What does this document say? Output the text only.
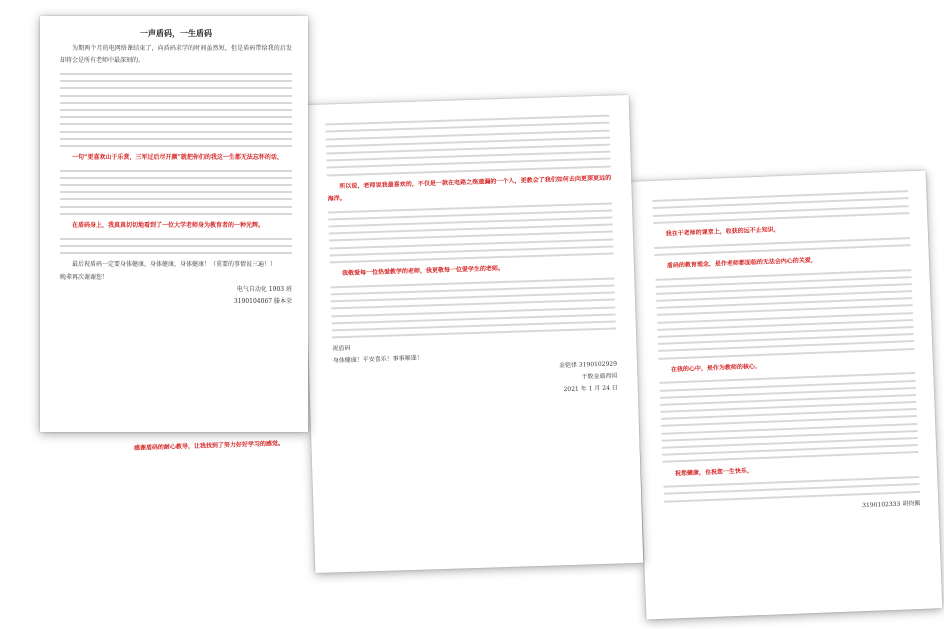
我在于老师的课堂上，收获的远不止知识，

盾码的教育理念，是作老师都面临的无法会内心的关爱，

在我的心中，是作为教师的核心，

祝您健康，也祝您一生快乐，

3190102333 胡钧佩

所以说，老师说我最喜欢的，不仅是一款在电路之殇遗漏的一个人，更教会了我们如何去向更深更远的海洋。

我敬爱每一位热爱教学的老师，我更敬每一位爱学生的老师。

祝盾码

身体健康！平安喜乐！事事顺遂！

金铠律 3190102929
于数金通西园
2021 年 1 月 24 日
一声盾码，一生盾码

为期两个月的电网络课结束了，向盾码求学的时间虽然短，但是盾码带给我的启发却将会是所有老师中最深刻的。

一句“更喜欢山于乐赏，三军过后尽开颜”就把你们的我这一生都无法忘怀的话，

在盾码身上，我真真切切地看到了一位大学老师身为教育者的一种光辉。

最后祝盾码一定要身体健康，身体健康，身体健康！（重要的事情说三遍！）

晚辈再次谢谢您！

电气自动化 1903 班
3190104067 滕本荣

感谢盾码的耐心教导，让我找到了努力好好学习的感觉。
